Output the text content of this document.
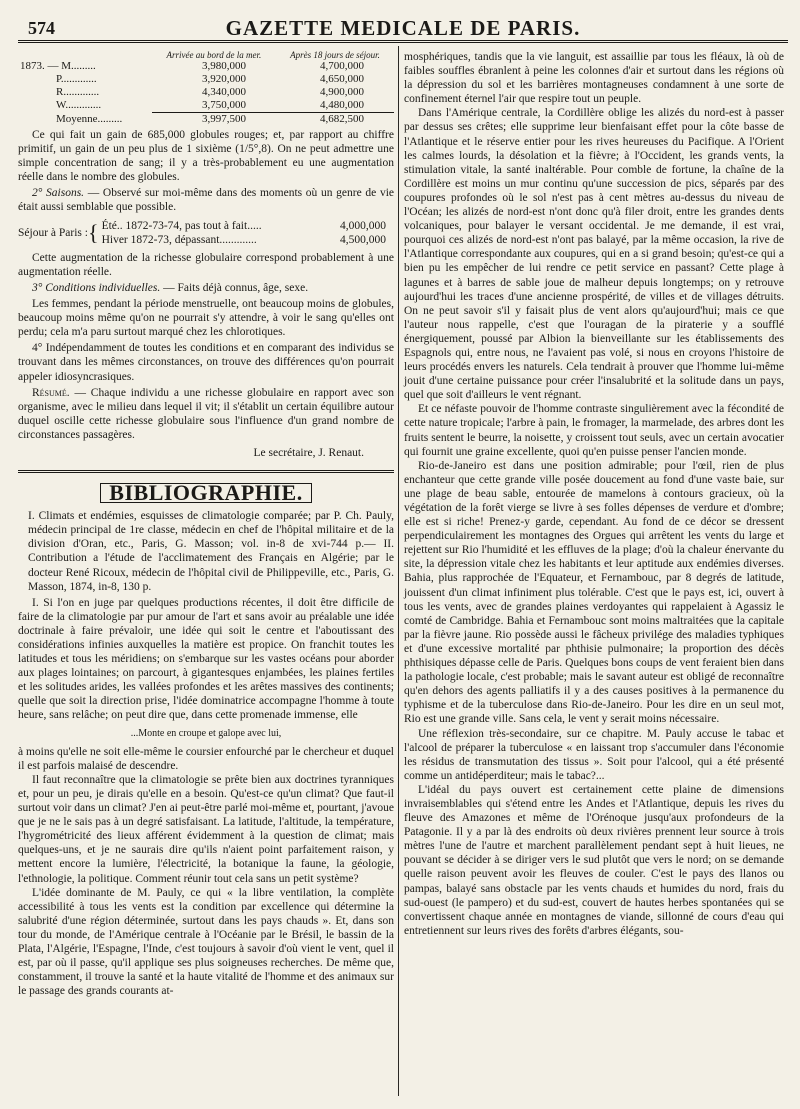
574	GAZETTE MEDICALE DE PARIS.
	Arrivée au bord de la mer.	Après 18 jours de séjour.
1873. — M.........	3,980,000	4,700,000
P.............	3,920,000	4,650,000
R.............	4,340,000	4,900,000
W.............	3,750,000	4,480,000
Moyenne.........	3,997,500	4,682,500

Ce qui fait un gain de 685,000 globules rouges; et, par rapport au chiffre primitif, un gain de un peu plus de 1 sixième (1/5°,8). On ne peut admettre une simple concentration de sang; il y a très-probablement eu une augmentation réelle dans le nombre des globules.

2° Saisons. — Observé sur moi-même dans des moments où un genre de vie était aussi semblable que possible.

Séjour à Paris : { Été.. 1872-73-74, pas tout à fait.....	4,000,000
Hiver 1872-73, dépassant.............	4,500,000

Cette augmentation de la richesse globulaire correspond probablement à une augmentation réelle.

3° Conditions individuelles. — Faits déjà connus, âge, sexe.

Les femmes, pendant la période menstruelle, ont beaucoup moins de globules, beaucoup moins même qu'on ne pourrait s'y attendre, à voir le sang qu'elles ont perdu; cela m'a paru surtout marqué chez les chlorotiques.

4° Indépendamment de toutes les conditions et en comparant des individus se trouvant dans les mêmes circonstances, on trouve des différences qu'on pourrait appeler idiosyncrasiques.

Résumé. — Chaque individu a une richesse globulaire en rapport avec son organisme, avec le milieu dans lequel il vit; il s'établit un certain équilibre autour duquel oscille cette richesse globulaire sous l'influence d'un grand nombre de circonstances passagères.

Le secrétaire, J. Renaut.

BIBLIOGRAPHIE.

I. Climats et endémies, esquisses de climatologie comparée; par P. Ch. Pauly, médecin principal de 1re classe, médecin en chef de l'hôpital militaire et de la division d'Oran, etc., Paris, G. Masson; vol. in-8 de xvi-744 p.— II. Contribution a l'étude de l'acclimatement des Français en Algérie; par le docteur René Ricoux, médecin de l'hôpital civil de Philippeville, etc., Paris, G. Masson, 1874, in-8, 130 p.

I. Si l'on en juge par quelques productions récentes, il doit être difficile de faire de la climatologie par pur amour de l'art et sans avoir au préalable une idée doctrinale à faire prévaloir, une idée qui soit le centre et l'aboutissant des considérations infinies auxquelles la matière est propice. On franchit toutes les latitudes et tous les méridiens; on s'embarque sur les vastes océans pour aborder aux plages lointaines; on parcourt, à gigantesques enjambées, les plaines fertiles et les solitudes arides, les vallées profondes et les arêtes massives des continents; quelle que soit la direction prise, l'idée dominatrice accompagne l'homme à toute heure, sans relâche; on peut dire que, dans cette promenade immense, elle

...Monte en croupe et galope avec lui,

à moins qu'elle ne soit elle-même le coursier enfourché par le chercheur et duquel il est parfois malaisé de descendre.

Il faut reconnaître que la climatologie se prête bien aux doctrines tyranniques et, pour un peu, je dirais qu'elle en a besoin. Qu'est-ce qu'un climat? Que faut-il surtout voir dans un climat? J'en ai peut-être parlé moi-même et, pourtant, j'avoue que je ne le sais pas à un degré satisfaisant. La latitude, l'altitude, la température, l'hygrométricité des lieux afférent évidemment à la question de climat; mais quelques-uns, et je ne saurais dire qu'ils n'aient point parfaitement raison, y mettent encore la lumière, l'électricité, la botanique la faune, la géologie, l'ethnologie, la politique. Comment réunir tout cela sans un petit système?

L'idée dominante de M. Pauly, ce qui « la libre ventilation, la complète accessibilité à tous les vents est la condition par excellence qui détermine la salubrité d'une région déterminée, surtout dans les pays chauds ». Et, dans son tour du monde, de l'Amérique centrale à l'Océanie par le Brésil, le bassin de la Plata, l'Algérie, l'Espagne, l'Inde, c'est toujours à savoir d'où vient le vent, quel il est, par où il passe, qu'il applique ses plus soigneuses recherches. De même que, constamment, il trouve la santé et la haute vitalité de l'homme et des animaux sur le passage des grands courants at-

mosphériques, tandis que la vie languit, est assaillie par tous les fléaux, là où de faibles souffles ébranlent à peine les colonnes d'air et surtout dans les régions où la dépression du sol et les barrières montagneuses condamnent à une sorte de confinement éternel l'air que respire tout un peuple.

Dans l'Amérique centrale, la Cordillère oblige les alizés du nord-est à passer par dessus ses crêtes; elle supprime leur bienfaisant effet pour la côte basse de l'Atlantique et le réserve entier pour les rives heureuses du Pacifique. A l'Orient les calmes lourds, la désolation et la fièvre; à l'Occident, les grands vents, la stimulation vitale, la santé inaltérable. Pour comble de fortune, la chaîne de la Cordillère est moins un mur continu qu'une succession de pics, séparés par des coupures profondes où le sol n'est pas à cent mètres au-dessus du niveau de l'Océan; les alizés de nord-est n'ont donc qu'à filer droit, entre les grandes dents volcaniques, pour balayer le versant occidental. Je me demande, il est vrai, pourquoi ces alizés de nord-est n'ont pas balayé, par la même occasion, la rive de l'Atlantique correspondante aux coupures, qui en a si grand besoin; qu'est-ce qui a bien pu les empêcher de lui rendre ce petit service en passant? Cette plage à lagunes et à barres de sable joue de malheur depuis longtemps; on y retrouve aujourd'hui les traces d'une ancienne prospérité, de villes et de villages détruits. On ne peut savoir s'il y faisait plus de vent alors qu'aujourd'hui; mais ce que l'auteur nous rappelle, c'est que l'ouragan de la piraterie y a soufflé énergiquement, poussé par Albion la bienveillante sur les établissements des Espagnols qui, entre nous, ne l'avaient pas volé, si nous en croyons l'histoire de leurs procédés envers les naturels. Cela tendrait à prouver que l'homme lui-même jouit d'une certaine puissance pour créer l'insalubrité et la solitude dans un pays, quel que soit d'ailleurs le vent régnant.

Et ce néfaste pouvoir de l'homme contraste singulièrement avec la fécondité de cette nature tropicale; l'arbre à pain, le fromager, la marmelade, des arbres dont les fruits sentent le beurre, la noisette, y croissent tout seuls, avec un certain avocatier qui fournit une graine excellente, quoi qu'en puisse penser l'ancien monde.

Rio-de-Janeiro est dans une position admirable; pour l'œil, rien de plus enchanteur que cette grande ville posée doucement au fond d'une vaste baie, sur une plage de beau sable, entourée de mamelons à contours gracieux, où la végétation de la forêt vierge se livre à ses folles dépenses de verdure et d'ombre; elle est si riche! Prenez-y garde, cependant. Au fond de ce décor se dressent perpendiculairement les montagnes des Orgues qui arrêtent les vents du large et rejettent sur Rio l'humidité et les effluves de la plage; d'où la chaleur énervante du site, la dépression vitale chez les habitants et leur aptitude aux endémies diverses. Bahia, plus rapprochée de l'Equateur, et Fernambouc, par 8 degrés de latitude, jouissent d'un climat infiniment plus tolérable. C'est que le pays est, ici, ouvert à tous les vents, avec de grandes plaines verdoyantes qui rappelaient à Agassiz le comté de Cambridge. Bahia et Fernambouc sont moins maltraitées que la capitale par la fièvre jaune. Rio possède aussi le fâcheux privilége des maladies typhiques et d'une excessive mortalité par phthisie pulmonaire; la proportion des décès phthisiques dépasse celle de Paris. Quelques bons coups de vent feraient bien dans la pathologie locale, c'est probable; mais le savant auteur est obligé de reconnaître qu'en dehors des agents palliatifs il y a des causes positives à la permanence du typhisme et de la tuberculose dans Rio-de-Janeiro. Pour les dire en un seul mot, Rio est une grande ville. Sans cela, le vent y serait moins nécessaire.

Une réflexion très-secondaire, sur ce chapitre. M. Pauly accuse le tabac et l'alcool de préparer la tuberculose « en laissant trop s'accumuler dans l'économie les résidus de transmutation des tissus ». Soit pour l'alcool, qui a été présenté comme un antidéperditeur; mais le tabac?...

L'idéal du pays ouvert est certainement cette plaine de dimensions invraisemblables qui s'étend entre les Andes et l'Atlantique, depuis les rives du fleuve des Amazones et même de l'Orénoque jusqu'aux profondeurs de la Patagonie. Il y a par là des endroits où deux rivières prennent leur source à trois mètres l'une de l'autre et marchent parallèlement pendant sept à huit lieues, ne pouvant se décider à se diriger vers le sud plutôt que vers le nord; on se demande quelle raison peuvent avoir les fleuves de couler. C'est le pays des llanos ou pampas, balayé sans obstacle par les vents chauds et humides du nord, frais du sud-ouest (le pampero) et du sud-est, couvert de hautes herbes spontanées qui se convertissent chaque année en montagnes de viande, sillonné de cours d'eau qui entretiennent sur leurs rives des forêts d'arbres élégants, sou-
